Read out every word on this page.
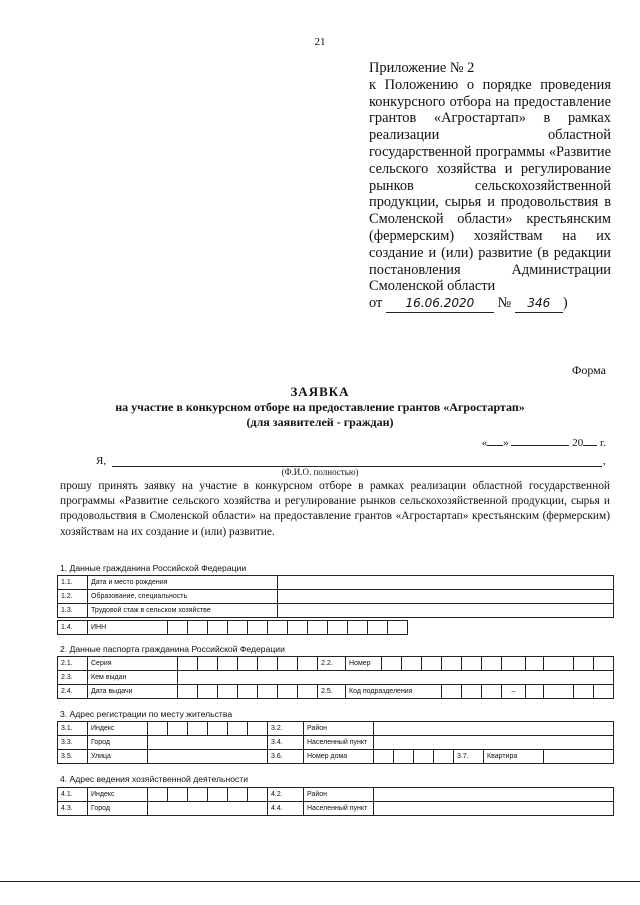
21
Приложение № 2
к Положению о порядке проведения конкурсного отбора на предоставление грантов «Агростартап» в рамках реализации областной государственной программы «Развитие сельского хозяйства и регулирование рынков сельскохозяйственной продукции, сырья и продовольствия в Смоленской области» крестьянским (фермерским) хозяйствам на их создание и (или) развитие (в редакции постановления Администрации Смоленской области
от 16.06.2020 № 346 )
Форма
ЗАЯВКА
на участие в конкурсном отборе на предоставление грантов «Агростартап»
(для заявителей - граждан)
« »	20 г.
Я,	,
(Ф.И.О. полностью)
прошу принять заявку на участие в конкурсном отборе в рамках реализации областной государственной программы «Развитие сельского хозяйства и регулирование рынков сельскохозяйственной продукции, сырья и продовольствия в Смоленской области» на предоставление грантов «Агростартап» крестьянским (фермерским) хозяйствам на их создание и (или) развитие.
1. Данные гражданина Российской Федерации
1.1.	Дата и место рождения	
1.2.	Образование, специальность	
1.3.	Трудовой стаж в сельском хозяйстве	
1.4.	ИНН													
2. Данные паспорта гражданина Российской Федерации
2.1.	Серия								2.2.	Номер											
2.3.	Кем выдан																				
2.4.	Дата выдачи								2.5.	Код подразделения							–				
3. Адрес регистрации по месту жительства
3.1.	Индекс							3.2.	Район							
3.3.	Город							3.4.	Населенный пункт							
3.5.	Улица							3.6.	Номер дома					3.7.	Квартира	
4. Адрес ведения хозяйственной деятельности
4.1.	Индекс							4.2.	Район	
4.3.	Город							4.4.	Населенный пункт	
